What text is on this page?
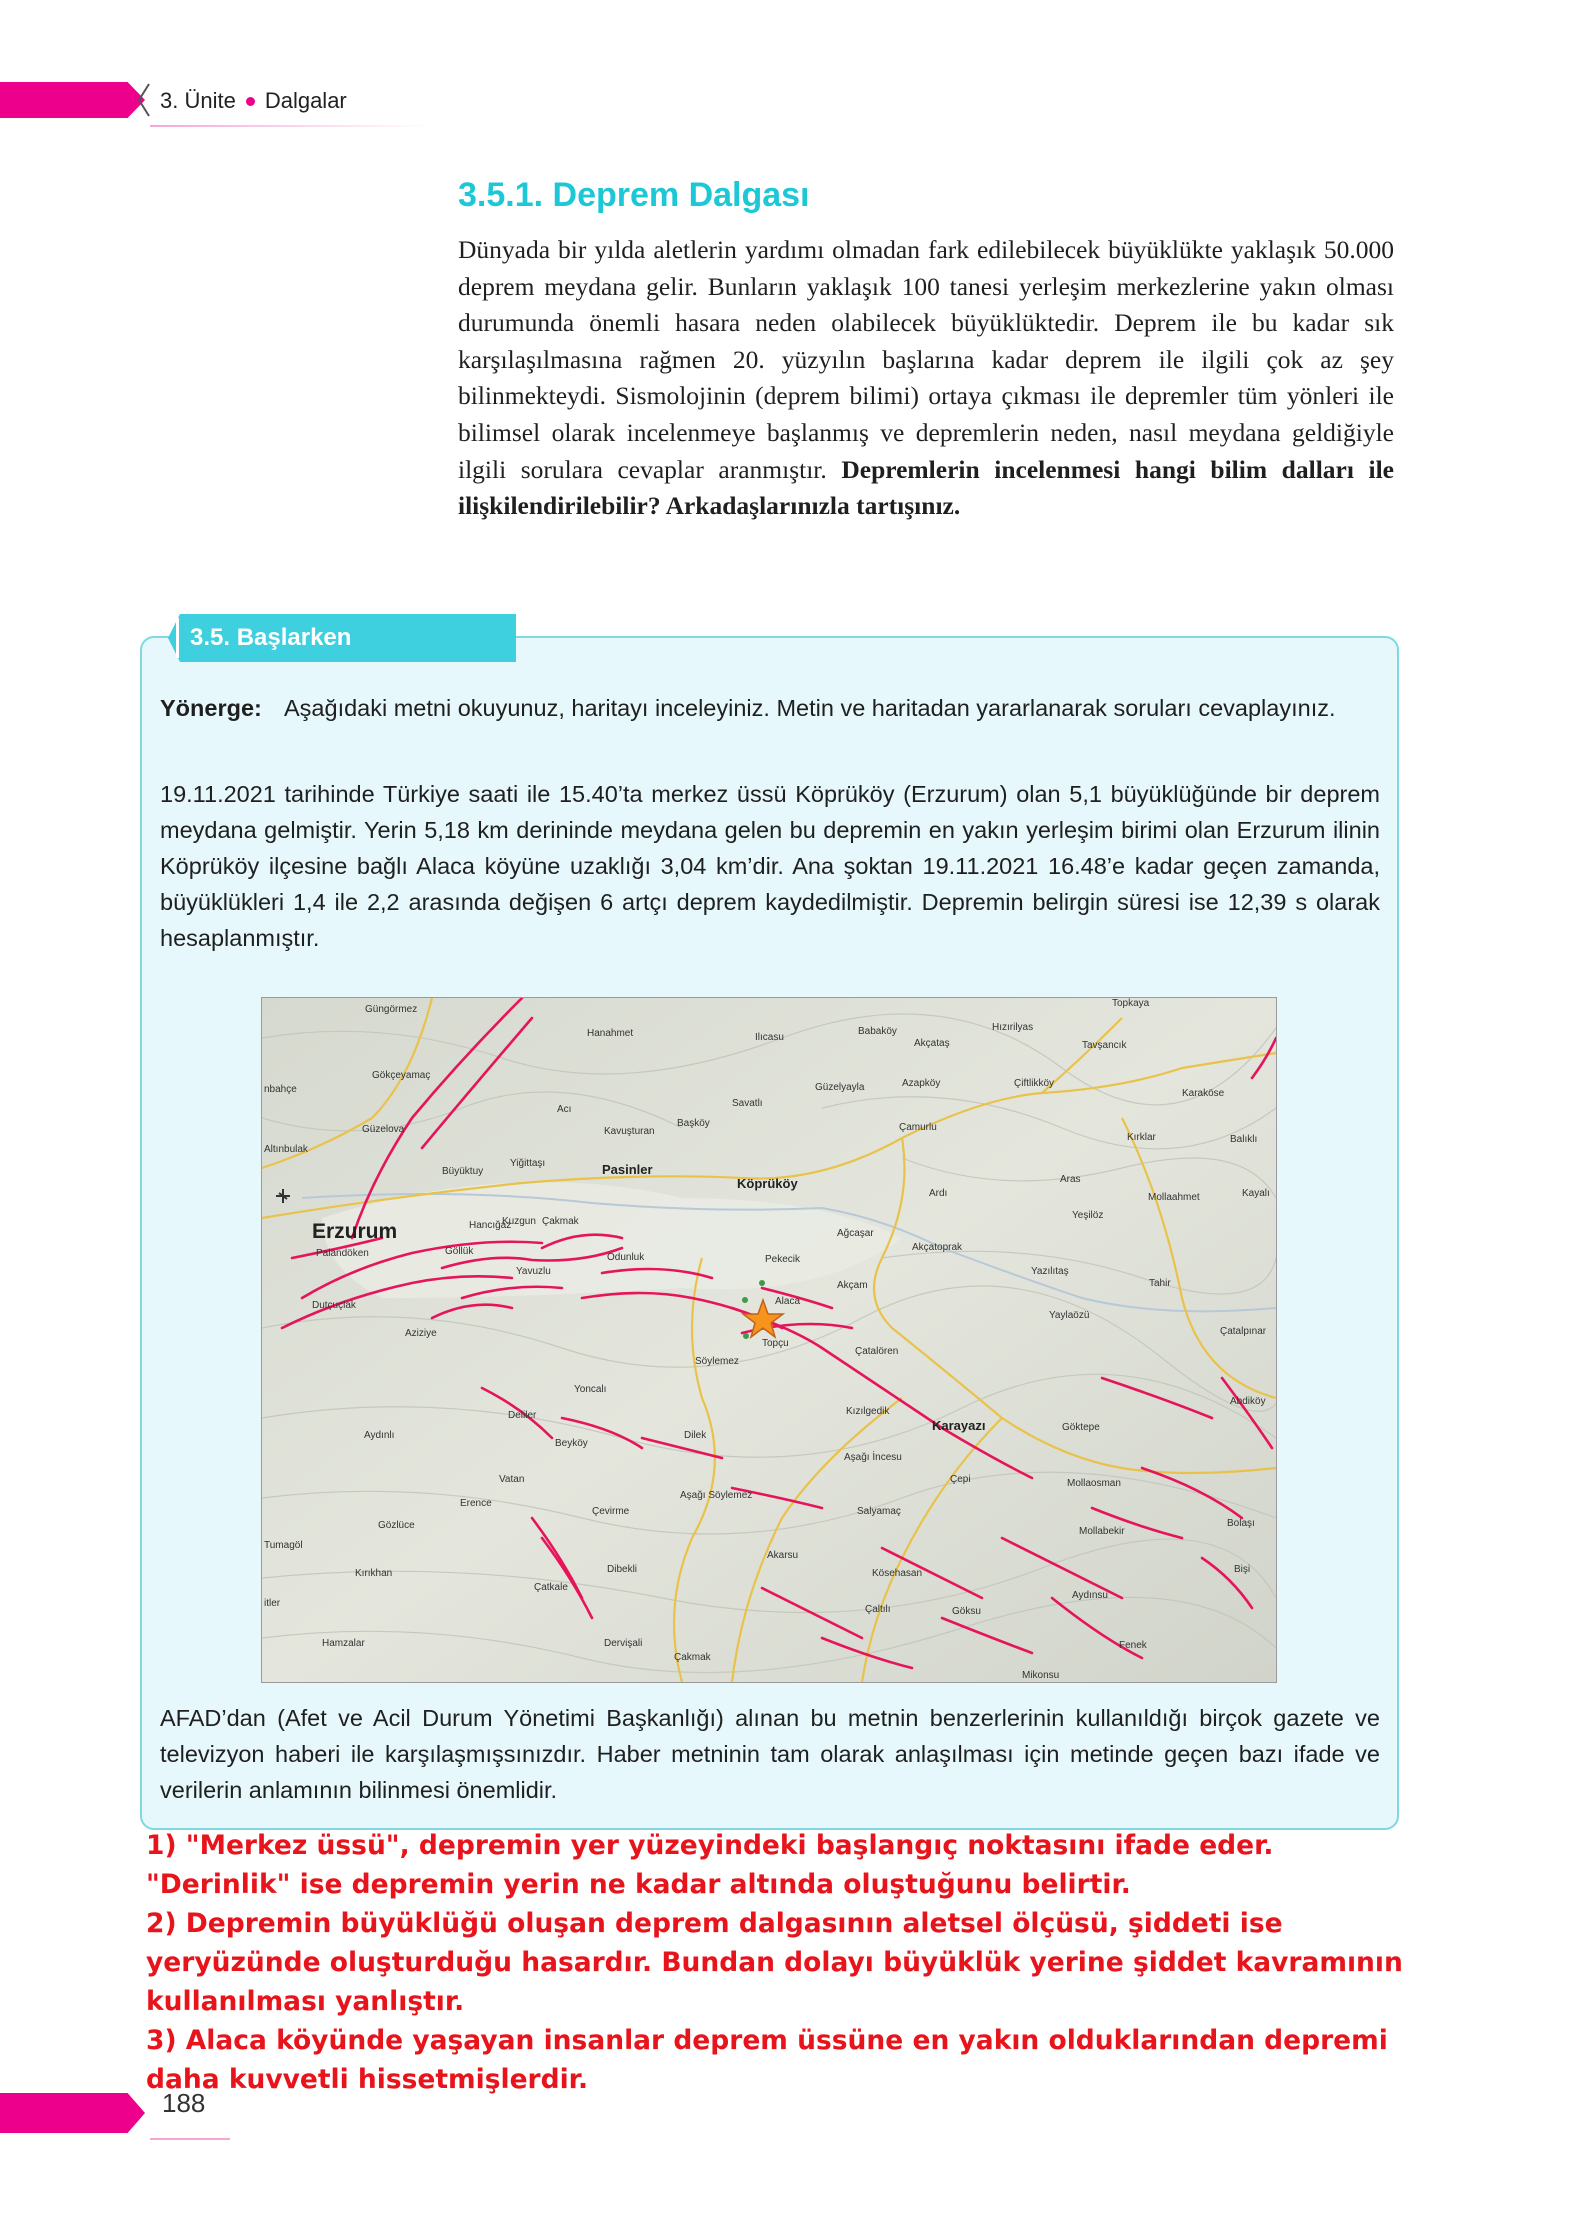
3. Ünite Dalgalar
3.5.1. Deprem Dalgası
Dünyada bir yılda aletlerin yardımı olmadan fark edilebilecek büyüklükte yaklaşık 50.000 deprem meydana gelir. Bunların yaklaşık 100 tanesi yerleşim merkezlerine yakın olması durumunda önemli hasara neden olabilecek büyüklüktedir. Deprem ile bu kadar sık karşılaşılmasına rağmen 20. yüzyılın başlarına kadar deprem ile ilgili çok az şey bilinmekteydi. Sismolojinin (deprem bilimi) ortaya çıkması ile depremler tüm yönleri ile bilimsel olarak incelenmeye başlanmış ve depremlerin neden, nasıl meydana geldiğiyle ilgili sorulara cevaplar aranmıştır. Depremlerin incelenmesi hangi bilim dalları ile ilişkilendirilebilir? Arkadaşlarınızla tartışınız.
3.5. Başlarken
Yönerge: Aşağıdaki metni okuyunuz, haritayı inceleyiniz. Metin ve haritadan yararlanarak soruları cevaplayınız.
19.11.2021 tarihinde Türkiye saati ile 15.40’ta merkez üssü Köprüköy (Erzurum) olan 5,1 büyüklüğünde bir deprem meydana gelmiştir. Yerin 5,18 km derininde meydana gelen bu depremin en yakın yerleşim birimi olan Erzurum ilinin Köprüköy ilçesine bağlı Alaca köyüne uzaklığı 3,04 km’dir. Ana şoktan 19.11.2021 16.48’e kadar geçen zamanda, büyüklükleri 1,4 ile 2,2 arasında değişen 6 artçı deprem kaydedilmiştir. Depremin belirgin süresi ise 12,39 s olarak hesaplanmıştır.
Güngörmez
Hanahmet	Ilıcasu
Babaköy
Akçataş
Hızırilyas
Tavşancık
Topkaya
Gökçeyamaç
nbahçe
Acı
Savatlı
Güzelyayla	Azapköy	Çiftlikköy
Karaköse
Güzelova
Altınbulak
Kavuşturan
Başköy	Çamurlu
Kırklar	Balıklı
Büyüktuy
Yiğittaşı	Pasinler
Köprüköy	Aras
Mollaahmet	Kayalı
Ardı
Yeşilöz
Erzurum
Palandöken
Hancığaz
Kuzgun Çakmak
Ağcaşar
Akçatoprak
Göllük
Odunluk	Pekecik
Yazılıtaş
Yavuzlu
Akçam	Tahir
Alaca
Dutçuçlak
Aziziye
Yaylaözü
Çatalpınar
Topçu
Söylemez
Çatalören
Yoncalı
Abdiköy
Deliler	Kızılgedik
Karayazı	Göktepe
Aydınlı
Beyköy
Dilek
Aşağı İncesu
Vatan	Çepi
Aşağı Söylemez
Mollaosman
Erence
Çevirme	Salyamaç
Mollabekir
Gözlüce	Bolaşı
Tumagöl
Akarsu
Dibekli	Kösehasan	Bişi
Kırıkhan
Çatkale
Aydınsu
Çaltılı	Göksu
itler
Hamzalar	Dervişali	Fenek
Çakmak
Mikonsu
AFAD’dan (Afet ve Acil Durum Yönetimi Başkanlığı) alınan bu metnin benzerlerinin kullanıldığı birçok gazete ve televizyon haberi ile karşılaşmışsınızdır. Haber metninin tam olarak anlaşılması için metinde geçen bazı ifade ve verilerin anlamının bilinmesi önemlidir.
1) "Merkez üssü", depremin yer yüzeyindeki başlangıç noktasını ifade eder. "Derinlik" ise depremin yerin ne kadar altında oluştuğunu belirtir.
2) Depremin büyüklüğü oluşan deprem dalgasının aletsel ölçüsü, şiddeti ise yeryüzünde oluşturduğu hasardır. Bundan dolayı büyüklük yerine şiddet kavramının kullanılması yanlıştır.
3) Alaca köyünde yaşayan insanlar deprem üssüne en yakın olduklarından depremi daha kuvvetli hissetmişlerdir.
188
